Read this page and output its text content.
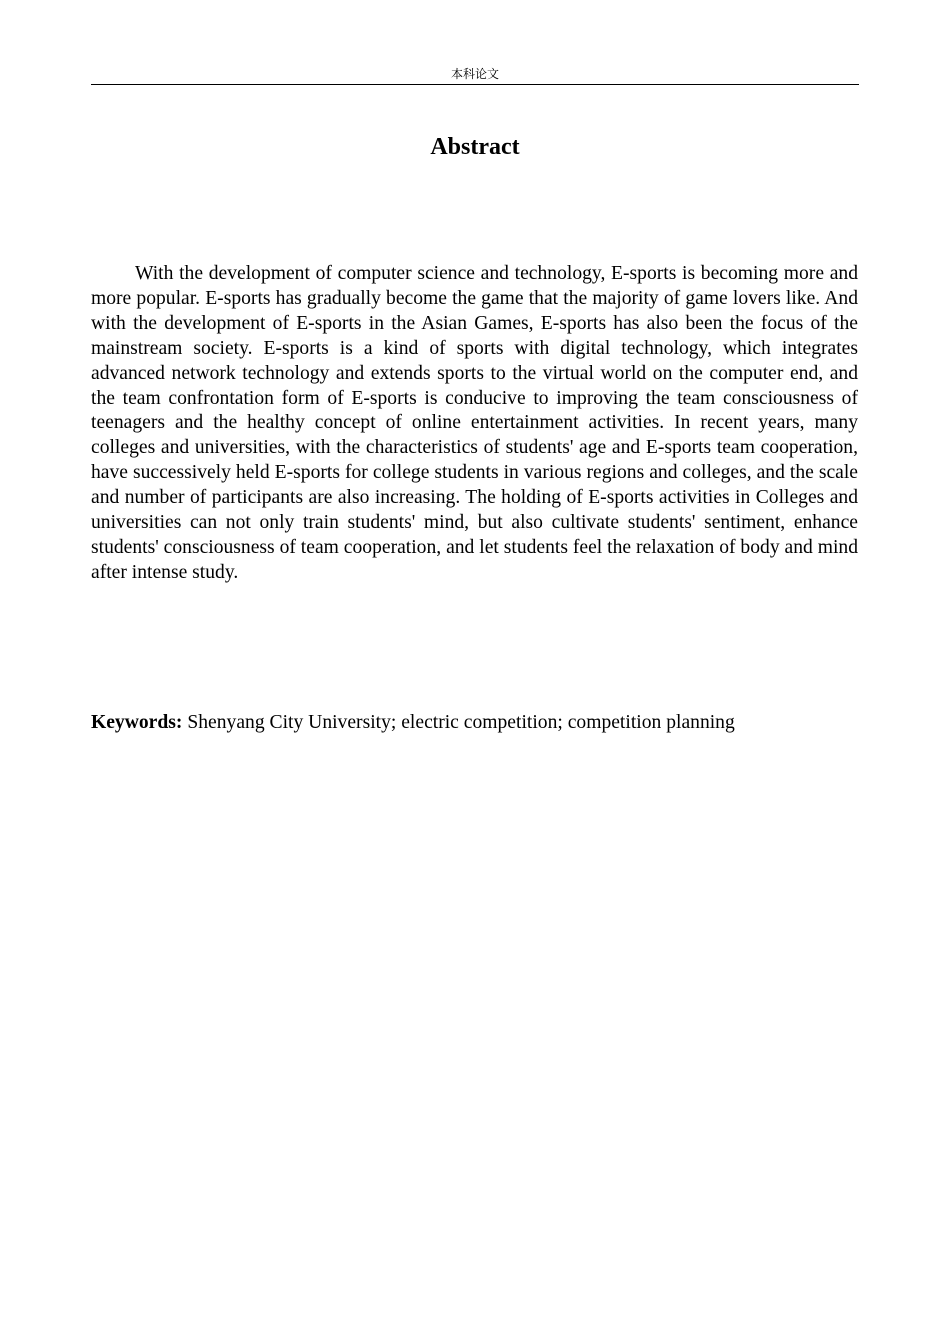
本科论文
Abstract

With the development of computer science and technology, E-sports is becoming more and more popular. E-sports has gradually become the game that the majority of game lovers like. And with the development of E-sports in the Asian Games, E-sports has also been the focus of the mainstream society. E-sports is a kind of sports with digital technology, which integrates advanced network technology and extends sports to the virtual world on the computer end, and the team confrontation form of E-sports is conducive to improving the team consciousness of teenagers and the healthy concept of online entertainment activities. In recent years, many colleges and universities, with the characteristics of students' age and E-sports team cooperation, have successively held E-sports for college students in various regions and colleges, and the scale and number of participants are also increasing. The holding of E-sports activities in Colleges and universities can not only train students' mind, but also cultivate students' sentiment, enhance students' consciousness of team cooperation, and let students feel the relaxation of body and mind after intense study.

Keywords: Shenyang City University; electric competition; competition planning
